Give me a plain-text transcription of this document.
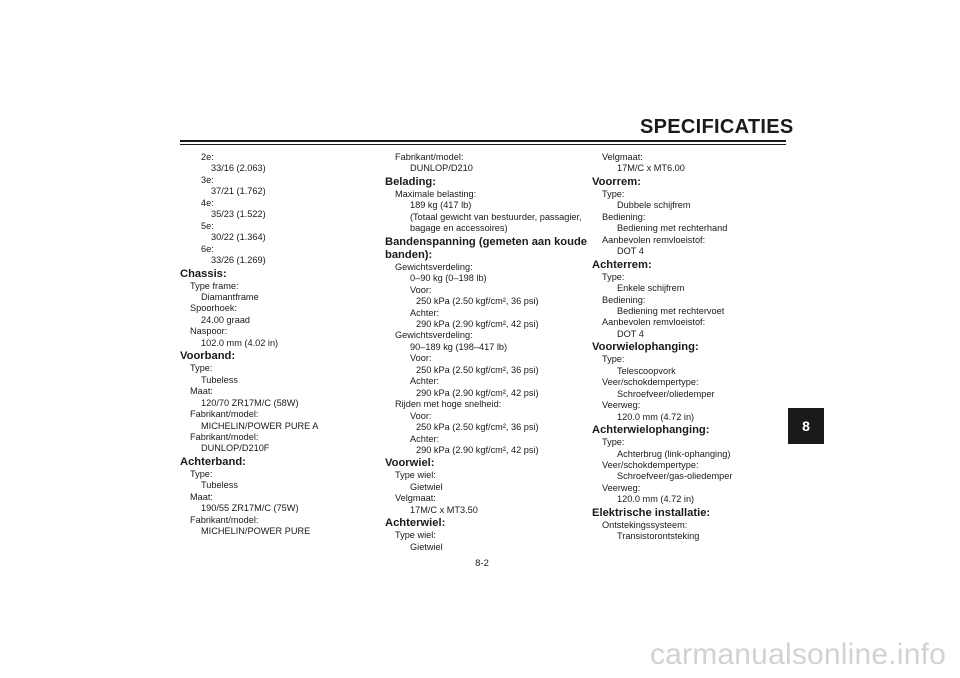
SPECIFICATIES
8
2e:
33/16 (2.063)
3e:
37/21 (1.762)
4e:
35/23 (1.522)
5e:
30/22 (1.364)
6e:
33/26 (1.269)
Chassis:
Type frame:
Diamantframe
Spoorhoek:
24.00 graad
Naspoor:
102.0 mm (4.02 in)
Voorband:
Type:
Tubeless
Maat:
120/70 ZR17M/C (58W)
Fabrikant/model:
MICHELIN/POWER PURE A
Fabrikant/model:
DUNLOP/D210F
Achterband:
Type:
Tubeless
Maat:
190/55 ZR17M/C (75W)
Fabrikant/model:
MICHELIN/POWER PURE
Fabrikant/model:
DUNLOP/D210
Belading:
Maximale belasting:
189 kg (417 lb)
(Totaal gewicht van bestuurder, passagier, bagage en accessoires)
Bandenspanning (gemeten aan koude banden):
Gewichtsverdeling:
0–90 kg (0–198 lb)
Voor:
250 kPa (2.50 kgf/cm², 36 psi)
Achter:
290 kPa (2.90 kgf/cm², 42 psi)
Gewichtsverdeling:
90–189 kg (198–417 lb)
Voor:
250 kPa (2.50 kgf/cm², 36 psi)
Achter:
290 kPa (2.90 kgf/cm², 42 psi)
Rijden met hoge snelheid:
Voor:
250 kPa (2.50 kgf/cm², 36 psi)
Achter:
290 kPa (2.90 kgf/cm², 42 psi)
Voorwiel:
Type wiel:
Gietwiel
Velgmaat:
17M/C x MT3.50
Achterwiel:
Type wiel:
Gietwiel
Velgmaat:
17M/C x MT6.00
Voorrem:
Type:
Dubbele schijfrem
Bediening:
Bediening met rechterhand
Aanbevolen remvloeistof:
DOT 4
Achterrem:
Type:
Enkele schijfrem
Bediening:
Bediening met rechtervoet
Aanbevolen remvloeistof:
DOT 4
Voorwielophanging:
Type:
Telescoopvork
Veer/schokdempertype:
Schroefveer/oliedemper
Veerweg:
120.0 mm (4.72 in)
Achterwielophanging:
Type:
Achterbrug (link-ophanging)
Veer/schokdempertype:
Schroefveer/gas-oliedemper
Veerweg:
120.0 mm (4.72 in)
Elektrische installatie:
Ontstekingssysteem:
Transistorontsteking
8-2
carmanualsonline.info
